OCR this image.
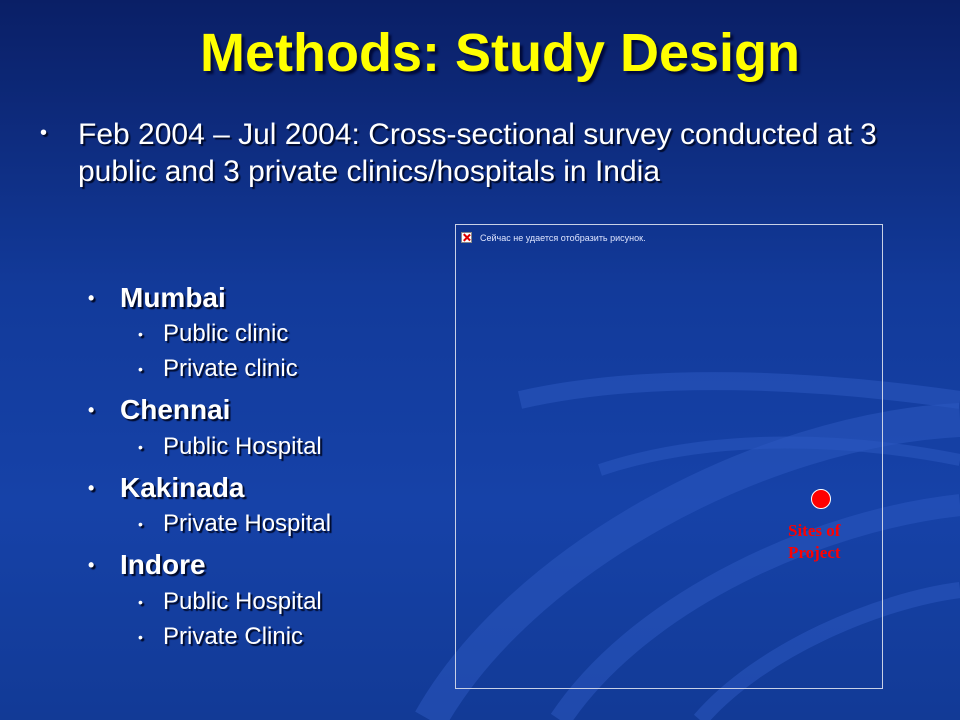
Methods: Study Design
• Feb 2004 – Jul 2004: Cross-sectional survey conducted at 3 public and 3 private clinics/hospitals in India
• Mumbai
• Public clinic
• Private clinic
• Chennai
• Public Hospital
• Kakinada
• Private Hospital
• Indore
• Public Hospital
• Private Clinic
Сейчас не удается отобразить рисунок.
Sites of Project
